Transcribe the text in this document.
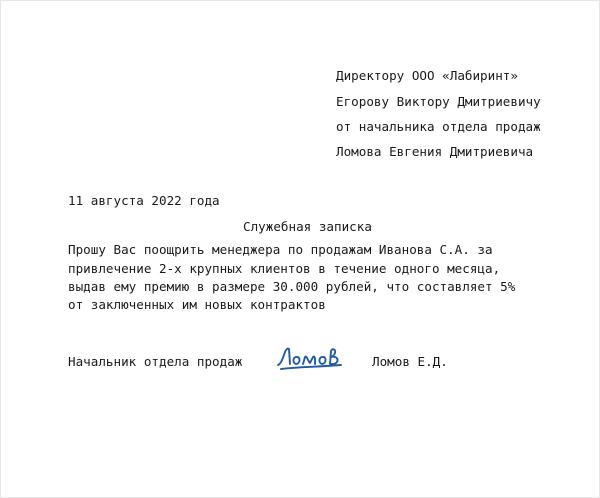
Директору ООО «Лабиринт»
Егорову Виктору Дмитриевичу
от начальника отдела продаж
Ломова Евгения Дмитриевича
11 августа 2022 года
Служебная записка
Прошу Вас поощрить менеджера по продажам Иванова С.А. за
привлечение 2-х крупных клиентов в течение одного месяца,
выдав ему премию в размере 30.000 рублей, что составляет 5%
от заключенных им новых контрактов
Начальник отдела продаж	Ломов Е.Д.
